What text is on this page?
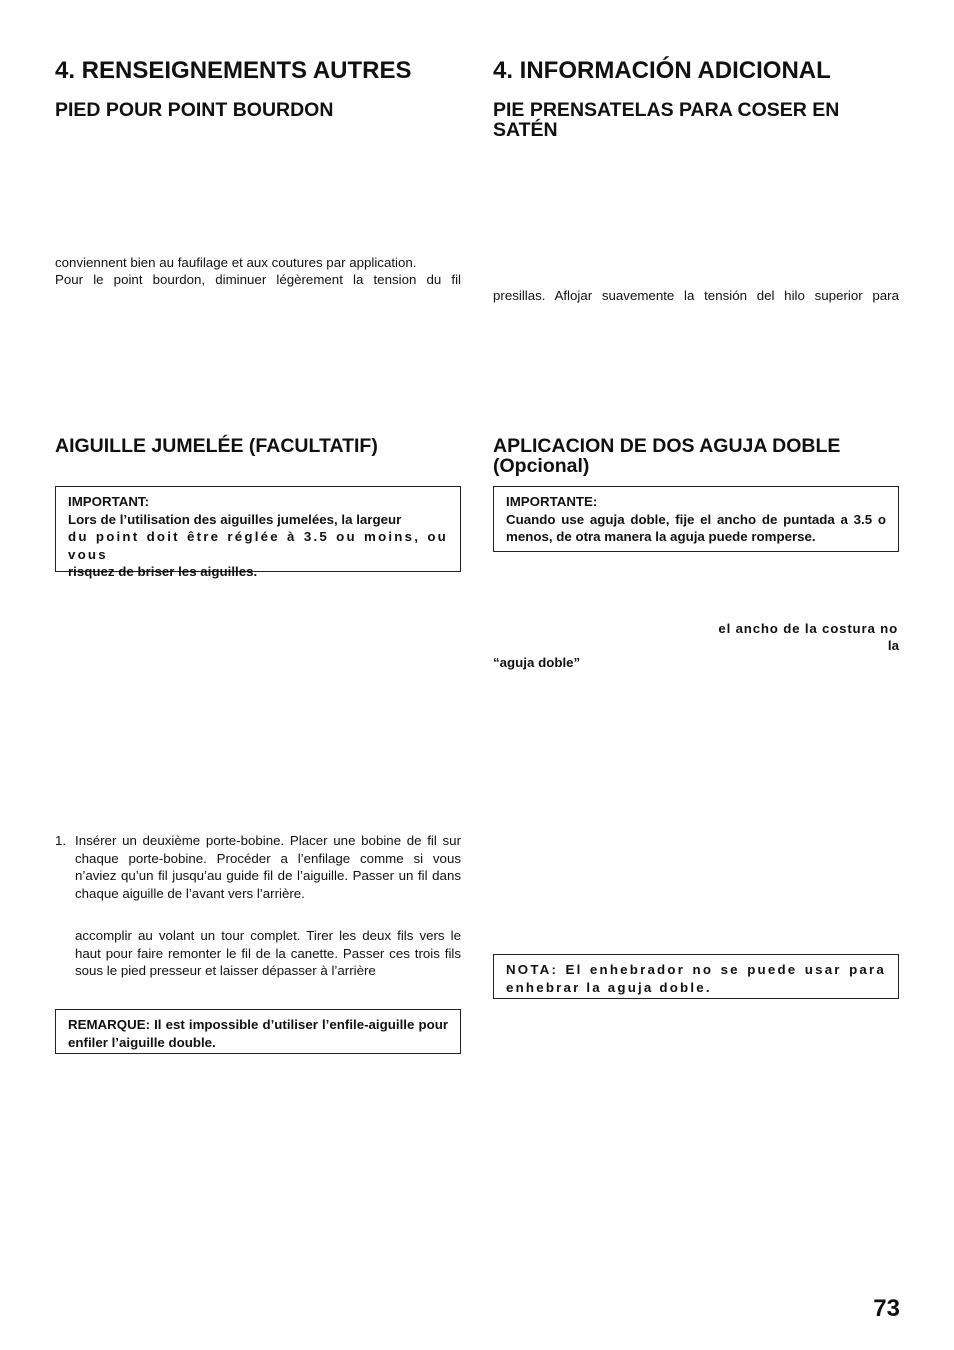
4. RENSEIGNEMENTS AUTRES
PIED POUR POINT BOURDON

conviennent bien au faufilage et aux coutures par application.

Pour le point bourdon, diminuer légèrement la tension du fil

AIGUILLE JUMELÉE (FACULTATIF)
IMPORTANT:
Lors de l’utilisation des aiguilles jumelées, la largeur
du point doit être réglée à 3.5 ou moins, ou vous
risquez de briser les aiguilles.
1. Insérer un deuxième porte-bobine. Placer une bobine de fil sur chaque porte-bobine. Procéder a l’enfilage comme si vous n’aviez qu’un fil jusqu’au guide fil de l’aiguille. Passer un fil dans chaque aiguille de l’avant vers l’arrière.

accomplir au volant un tour complet. Tirer les deux fils vers le haut pour faire remonter le fil de la canette. Passer ces trois fils sous le pied presseur et laisser dépasser à l’arrière

REMARQUE: Il est impossible d’utiliser l’enfile-aiguille pour enfiler l’aiguille double.
4. INFORMACIÓN ADICIONAL
PIE PRENSATELAS PARA COSER EN SATÉN

presillas. Aflojar suavemente la tensión del hilo superior para

APLICACION DE DOS AGUJA DOBLE (Opcional)
IMPORTANTE:
Cuando use aguja doble, fije el ancho de puntada a 3.5 o menos, de otra manera la aguja puede romperse.

el ancho de la costura no

la

“aguja doble”

NOTA: El enhebrador no se puede usar para enhebrar la aguja doble.
73
